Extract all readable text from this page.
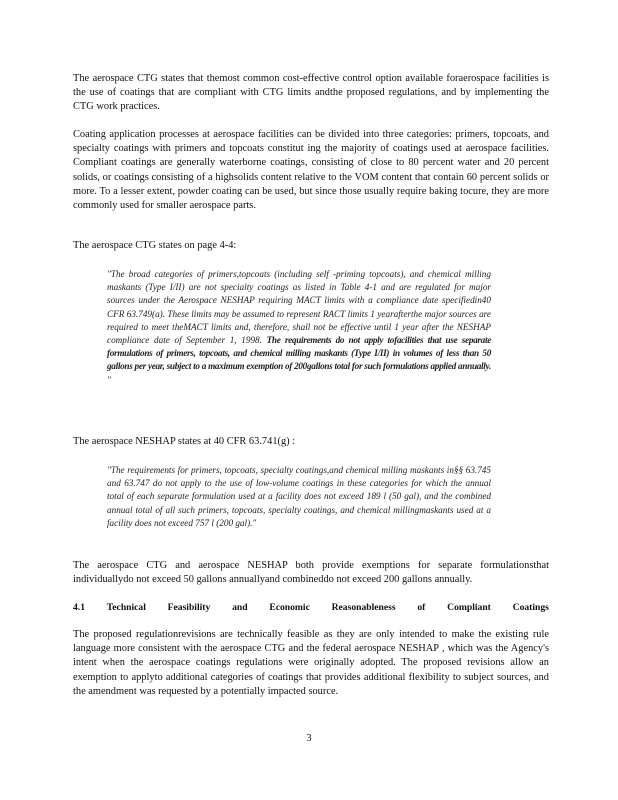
The aerospace CTG states that themost common cost-effective control option available foraerospace facilities is the use of coatings that are compliant with CTG limits andthe proposed regulations, and by implementing the CTG work practices.

Coating application processes at aerospace facilities can be divided into three categories: primers, topcoats, and specialty coatings with primers and topcoats constitut ing the majority of coatings used at aerospace facilities. Compliant coatings are generally waterborne coatings, consisting of close to 80 percent water and 20 percent solids, or coatings consisting of a highsolids content relative to the VOM content that contain 60 percent solids or more. To a lesser extent, powder coating can be used, but since those usually require baking tocure, they are more commonly used for smaller aerospace parts.

The aerospace CTG states on page 4-4:

"The broad categories of primers,topcoats (including self -priming topcoats), and chemical milling maskants (Type I/II) are not specialty coatings as listed in Table 4-1 and are regulated for major sources under the Aerospace NESHAP requiring MACT limits with a compliance date specifiedin40 CFR 63.749(a). These limits may be assumed to represent RACT limits 1 yearafterthe major sources are required to meet theMACT limits and, therefore, shall not be effective until 1 year after the NESHAP compliance date of September 1, 1998. The requirements do not apply tofacilities that use separate formulations of primers, topcoats, and chemical milling maskants (Type I/II) in volumes of less than 50 gallons per year, subject to a maximum exemption of 200gallons total for such formulations applied annually. "

The aerospace NESHAP states at 40 CFR 63.741(g) :

"The requirements for primers, topcoats, specialty coatings,and chemical milling maskants in§§ 63.745 and 63.747 do not apply to the use of low-volume coatings in these categories for which the annual total of each separate formulation used at a facility does not exceed 189 l (50 gal), and the combined annual total of all such primers, topcoats, specialty coatings, and chemical millingmaskants used at a facility does not exceed 757 l (200 gal)."

The aerospace CTG and aerospace NESHAP both provide exemptions for separate formulationsthat individuallydo not exceed 50 gallons annuallyand combineddo not exceed 200 gallons annually.

4.1 Technical Feasibility and Economic Reasonableness of Compliant Coatings

The proposed regulationrevisions are technically feasible as they are only intended to make the existing rule language more consistent with the aerospace CTG and the federal aerospace NESHAP , which was the Agency's intent when the aerospace coatings regulations were originally adopted. The proposed revisions allow an exemption to applyto additional categories of coatings that provides additional flexibility to subject sources, and the amendment was requested by a potentially impacted source.

3
